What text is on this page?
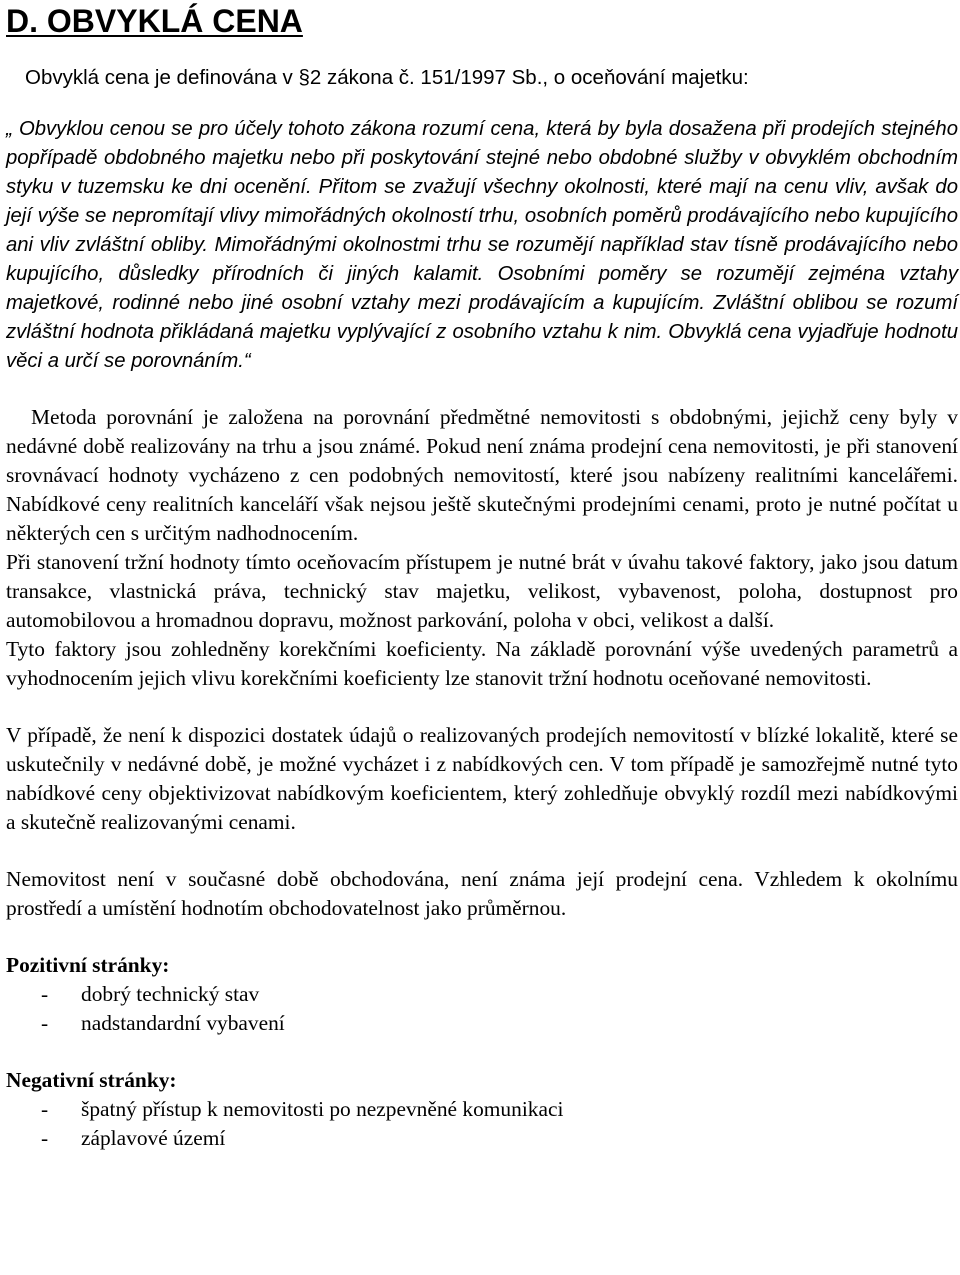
D. OBVYKLÁ CENA

Obvyklá cena je definována v §2 zákona č. 151/1997 Sb., o oceňování majetku:

„ Obvyklou cenou se pro účely tohoto zákona rozumí cena, která by byla dosažena při prodejích stejného popřípadě obdobného majetku nebo při poskytování stejné nebo obdobné služby v obvyklém obchodním styku v tuzemsku ke dni ocenění. Přitom se zvažují všechny okolnosti, které mají na cenu vliv, avšak do její výše se nepromítají vlivy mimořádných okolností trhu, osobních poměrů prodávajícího nebo kupujícího ani vliv zvláštní obliby. Mimořádnými okolnostmi trhu se rozumějí například stav tísně prodávajícího nebo kupujícího, důsledky přírodních či jiných kalamit. Osobními poměry se rozumějí zejména vztahy majetkové, rodinné nebo jiné osobní vztahy mezi prodávajícím a kupujícím. Zvláštní oblibou se rozumí zvláštní hodnota přikládaná majetku vyplývající z osobního vztahu k nim. Obvyklá cena vyjadřuje hodnotu věci a určí se porovnáním.“

Metoda porovnání je založena na porovnání předmětné nemovitosti s obdobnými, jejichž ceny byly v nedávné době realizovány na trhu a jsou známé. Pokud není známa prodejní cena nemovitosti, je při stanovení srovnávací hodnoty vycházeno z cen podobných nemovitostí, které jsou nabízeny realitními kancelářemi. Nabídkové ceny realitních kanceláří však nejsou ještě skutečnými prodejními cenami, proto je nutné počítat u některých cen s určitým nadhodnocením.

Při stanovení tržní hodnoty tímto oceňovacím přístupem je nutné brát v úvahu takové faktory, jako jsou datum transakce, vlastnická práva, technický stav majetku, velikost, vybavenost, poloha, dostupnost pro automobilovou a hromadnou dopravu, možnost parkování, poloha v obci, velikost a další.

Tyto faktory jsou zohledněny korekčními koeficienty. Na základě porovnání výše uvedených parametrů a vyhodnocením jejich vlivu korekčními koeficienty lze stanovit tržní hodnotu oceňované nemovitosti.

V případě, že není k dispozici dostatek údajů o realizovaných prodejích nemovitostí v blízké lokalitě, které se uskutečnily v nedávné době, je možné vycházet i z nabídkových cen. V tom případě je samozřejmě nutné tyto nabídkové ceny objektivizovat nabídkovým koeficientem, který zohledňuje obvyklý rozdíl mezi nabídkovými a skutečně realizovanými cenami.

Nemovitost není v současné době obchodována, není známa její prodejní cena. Vzhledem k okolnímu prostředí a umístění hodnotím obchodovatelnost jako průměrnou.

Pozitivní stránky:
- dobrý technický stav
- nadstandardní vybavení
Negativní stránky:
- špatný přístup k nemovitosti po nezpevněné komunikaci
- záplavové území
